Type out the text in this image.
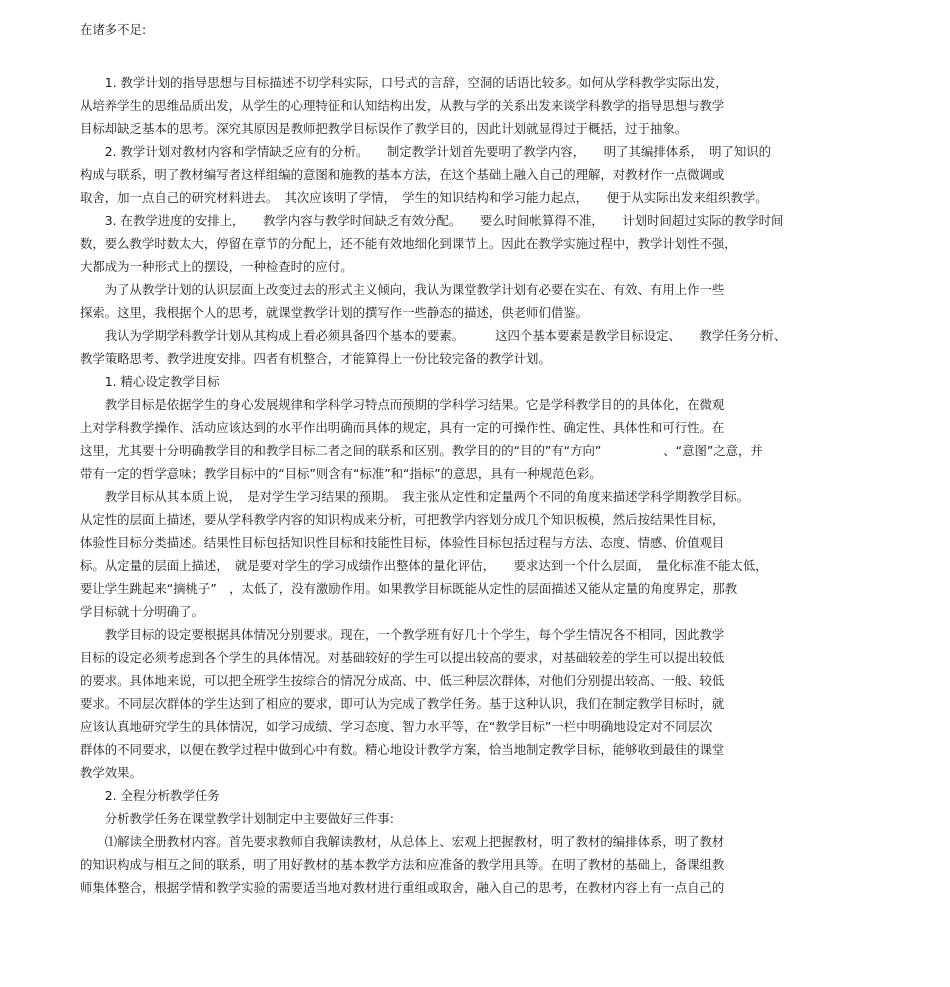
在诸多不足:
　　1. 教学计划的指导思想与目标描述不切学科实际，口号式的言辞，空洞的话语比较多。如何从学科教学实际出发，
从培养学生的思维品质出发，从学生的心理特征和认知结构出发，从教与学的关系出发来谈学科教学的指导思想与教学
目标却缺乏基本的思考。深究其原因是教师把教学目标误作了教学目的，因此计划就显得过于概括，过于抽象。
　　2. 教学计划对教材内容和学情缺乏应有的分析。　　制定教学计划首先要明了教学内容，　　明了其编排体系，　明了知识的
构成与联系，明了教材编写者这样组编的意图和施教的基本方法，在这个基础上融入自己的理解，对教材作一点微调或
取舍，加一点自己的研究材料进去。　其次应该明了学情，　学生的知识结构和学习能力起点，　　便于从实际出发来组织教学。
　　3. 在教学进度的安排上，　　教学内容与教学时间缺乏有效分配。　　要么时间帐算得不准，　　计划时间超过实际的教学时间
数，要么教学时数太大，停留在章节的分配上，还不能有效地细化到课节上。因此在教学实施过程中，教学计划性不强，
大都成为一种形式上的摆设，一种检查时的应付。
　　为了从教学计划的认识层面上改变过去的形式主义倾向，我认为课堂教学计划有必要在实在、有效、有用上作一些
探索。这里，我根据个人的思考，就课堂教学计划的撰写作一些静态的描述，供老师们借鉴。
　　我认为学期学科教学计划从其构成上看必须具备四个基本的要素。　　　这四个基本要素是教学目标设定、　　教学任务分析、
教学策略思考、教学进度安排。四者有机整合，才能算得上一份比较完备的教学计划。
　　1. 精心设定教学目标
　　教学目标是依据学生的身心发展规律和学科学习特点而预期的学科学习结果。它是学科教学目的的具体化，在微观
上对学科教学操作、活动应该达到的水平作出明确而具体的规定，具有一定的可操作性、确定性、具体性和可行性。在
这里，尤其要十分明确教学目的和教学目标二者之间的联系和区别。教学目的的“目的”有“方向”　　　　　、“意图”之意，并
带有一定的哲学意味；教学目标中的“目标”则含有“标准”和“指标”的意思，具有一种规范色彩。
　　教学目标从其本质上说，　是对学生学习结果的预期。　我主张从定性和定量两个不同的角度来描述学科学期教学目标。
从定性的层面上描述，要从学科教学内容的知识构成来分析，可把教学内容划分成几个知识板模，然后按结果性目标，
体验性目标分类描述。结果性目标包括知识性目标和技能性目标，体验性目标包括过程与方法、态度、情感、价值观目
标。从定量的层面上描述，　就是要对学生的学习成绩作出整体的量化评估，　　要求达到一个什么层面，　量化标准不能太低，
要让学生跳起来“摘桃子”　，太低了，没有激励作用。如果教学目标既能从定性的层面描述又能从定量的角度界定，那教
学目标就十分明确了。
　　教学目标的设定要根据具体情况分别要求。现在，一个教学班有好几十个学生，每个学生情况各不相同，因此教学
目标的设定必须考虑到各个学生的具体情况。对基础较好的学生可以提出较高的要求，对基础较差的学生可以提出较低
的要求。具体地来说，可以把全班学生按综合的情况分成高、中、低三种层次群体，对他们分别提出较高、一般、较低
要求。不同层次群体的学生达到了相应的要求，即可认为完成了教学任务。基于这种认识，我们在制定教学目标时，就
应该认真地研究学生的具体情况，如学习成绩、学习态度、智力水平等，在“教学目标”一栏中明确地设定对不同层次
群体的不同要求，以便在教学过程中做到心中有数。精心地设计教学方案，恰当地制定教学目标，能够收到最佳的课堂
教学效果。
　　2. 全程分析教学任务
　　分析教学任务在课堂教学计划制定中主要做好三件事:
　　⑴解读全册教材内容。首先要求教师自我解读教材，从总体上、宏观上把握教材，明了教材的编排体系，明了教材
的知识构成与相互之间的联系，明了用好教材的基本教学方法和应准备的教学用具等。在明了教材的基础上，备课组教
师集体整合，根据学情和教学实验的需要适当地对教材进行重组或取舍，融入自己的思考，在教材内容上有一点自己的
